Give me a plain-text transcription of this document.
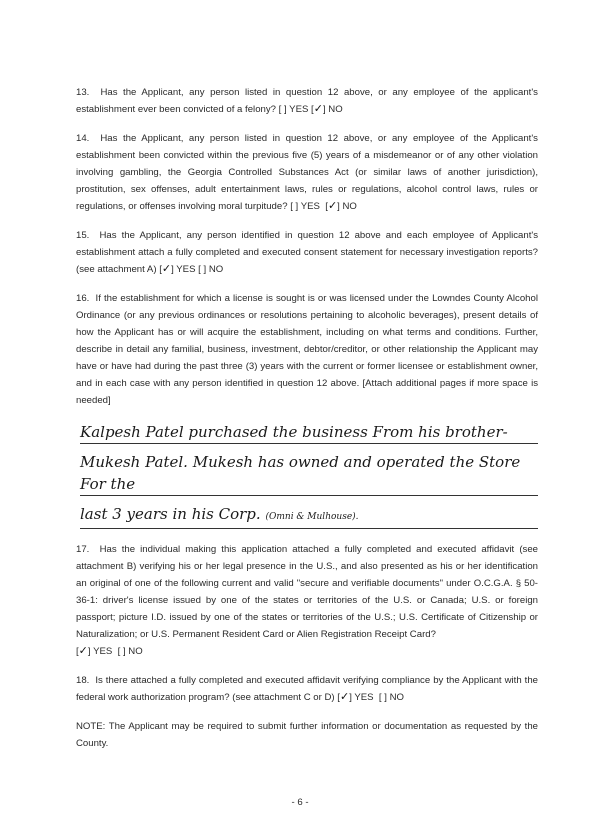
13. Has the Applicant, any person listed in question 12 above, or any employee of the applicant's establishment ever been convicted of a felony? [ ] YES [✓] NO
14. Has the Applicant, any person listed in question 12 above, or any employee of the Applicant's establishment been convicted within the previous five (5) years of a misdemeanor or of any other violation involving gambling, the Georgia Controlled Substances Act (or similar laws of another jurisdiction), prostitution, sex offenses, adult entertainment laws, rules or regulations, alcohol control laws, rules or regulations, or offenses involving moral turpitude? [ ] YES [✓] NO
15. Has the Applicant, any person identified in question 12 above and each employee of Applicant's establishment attach a fully completed and executed consent statement for necessary investigation reports? (see attachment A) [✓] YES [ ] NO
16. If the establishment for which a license is sought is or was licensed under the Lowndes County Alcohol Ordinance (or any previous ordinances or resolutions pertaining to alcoholic beverages), present details of how the Applicant has or will acquire the establishment, including on what terms and conditions. Further, describe in detail any familial, business, investment, debtor/creditor, or other relationship the Applicant may have or have had during the past three (3) years with the current or former licensee or establishment owner, and in each case with any person identified in question 12 above. [Attach additional pages if more space is needed]
Kalpesh Patel purchased the business From his brother-
Mukesh Patel. Mukesh has owned and operated the Store For the
last 3 years in his Corp. (Omni & Mulhouse).
17. Has the individual making this application attached a fully completed and executed affidavit (see attachment B) verifying his or her legal presence in the U.S., and also presented as his or her identification an original of one of the following current and valid "secure and verifiable documents" under O.C.G.A. § 50-36-1: driver's license issued by one of the states or territories of the U.S. or Canada; U.S. or foreign passport; picture I.D. issued by one of the states or territories of the U.S.; U.S. Certificate of Citizenship or Naturalization; or U.S. Permanent Resident Card or Alien Registration Receipt Card?
[✓] YES [ ] NO
18. Is there attached a fully completed and executed affidavit verifying compliance by the Applicant with the federal work authorization program? (see attachment C or D) [✓] YES [ ] NO
NOTE: The Applicant may be required to submit further information or documentation as requested by the County.
- 6 -
